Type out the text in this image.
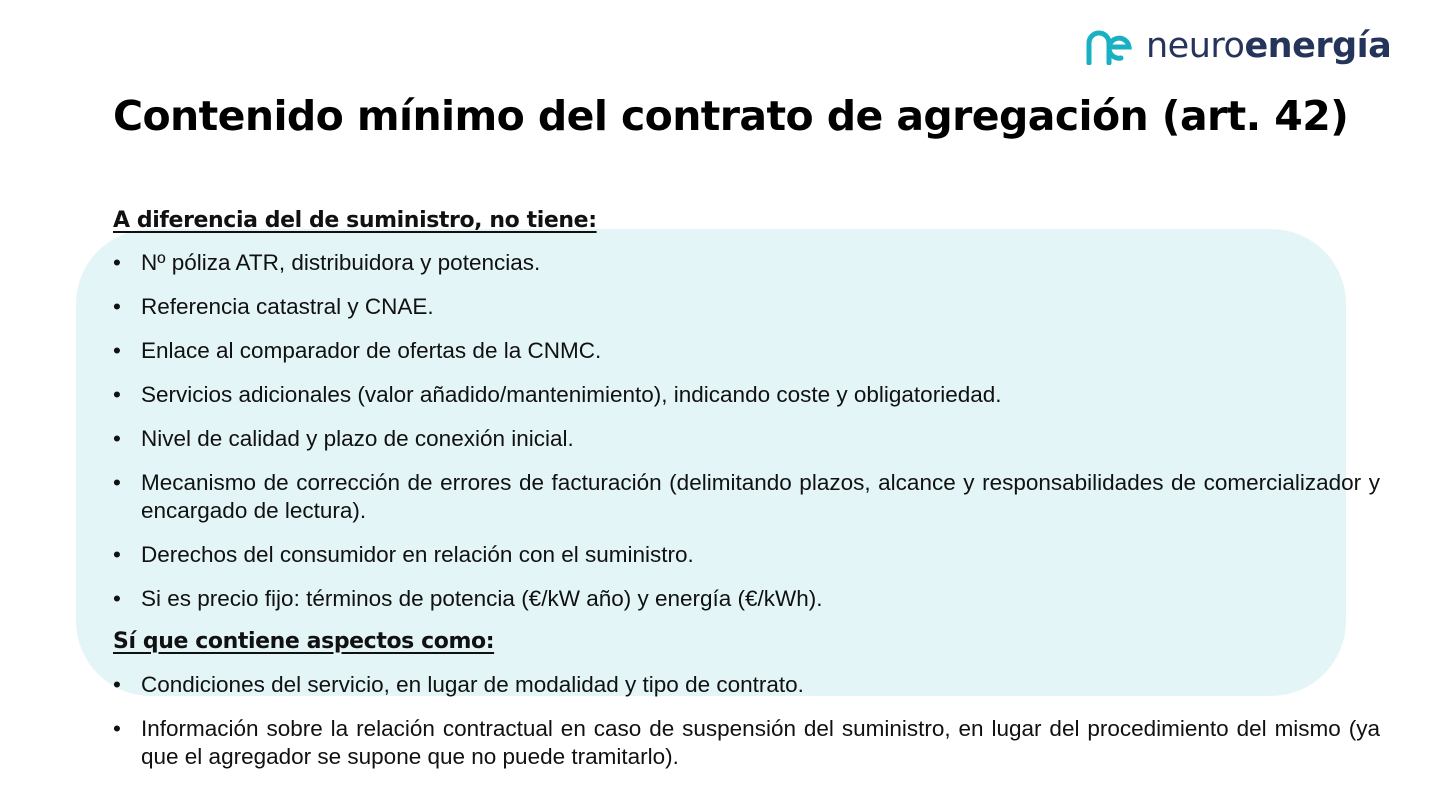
neuroenergía
Contenido mínimo del contrato de agregación (art. 42)

A diferencia del de suministro, no tiene:

• Nº póliza ATR, distribuidora y potencias.
• Referencia catastral y CNAE.
• Enlace al comparador de ofertas de la CNMC.
• Servicios adicionales (valor añadido/mantenimiento), indicando coste y obligatoriedad.
• Nivel de calidad y plazo de conexión inicial.
• Mecanismo de corrección de errores de facturación (delimitando plazos, alcance y responsabilidades de comercializador y encargado de lectura).
• Derechos del consumidor en relación con el suministro.
• Si es precio fijo: términos de potencia (€/kW año) y energía (€/kWh).

Sí que contiene aspectos como:

• Condiciones del servicio, en lugar de modalidad y tipo de contrato.
• Información sobre la relación contractual en caso de suspensión del suministro, en lugar del procedimiento del mismo (ya que el agregador se supone que no puede tramitarlo).
